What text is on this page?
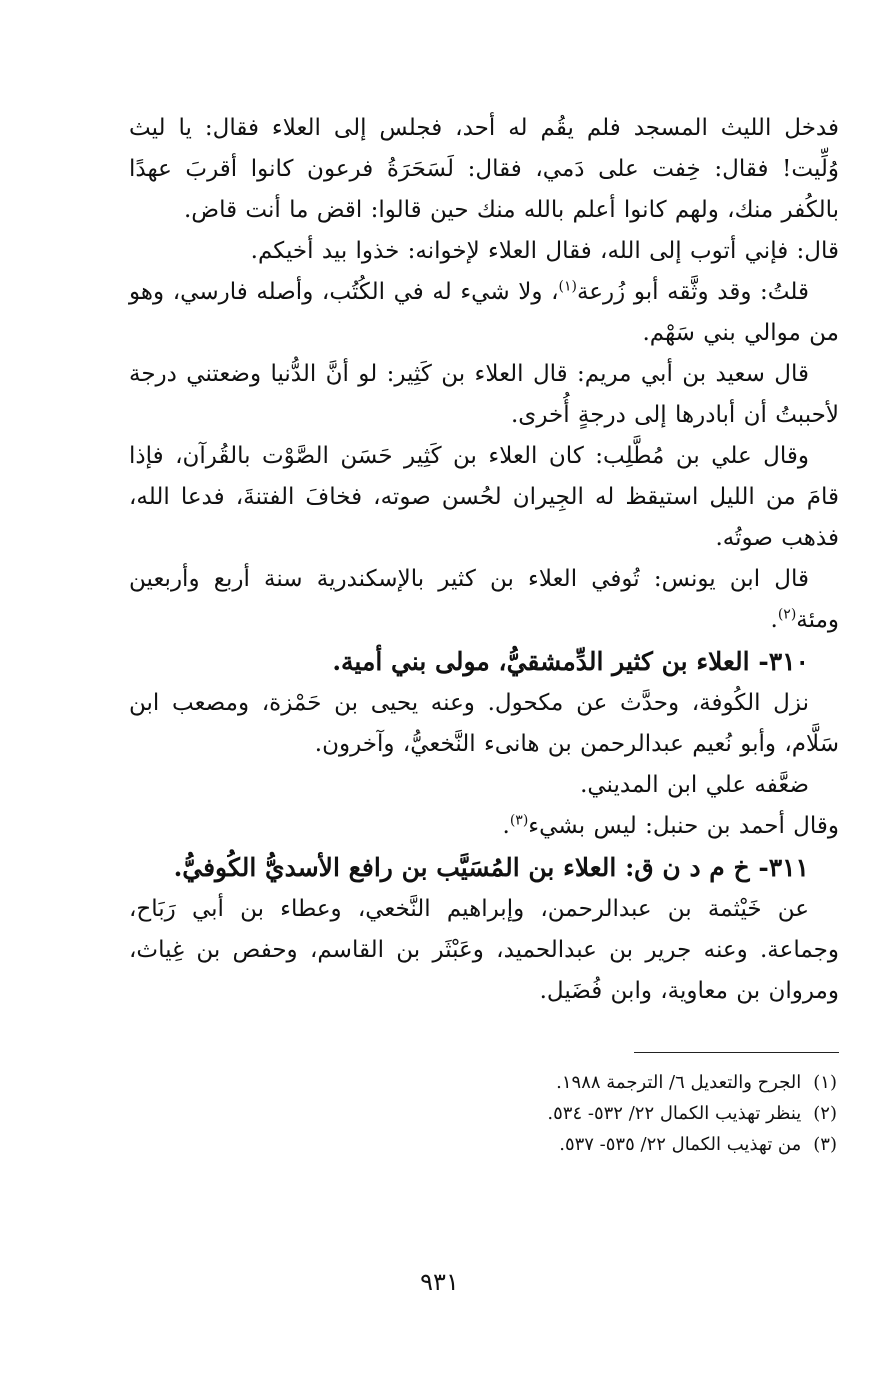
فدخل الليث المسجد فلم يقُم له أحد، فجلس إلى العلاء فقال: يا ليث وُلِّيت! فقال: خِفت على دَمي، فقال: لَسَحَرَةُ فرعون كانوا أقربَ عهدًا بالكُفر منك، ولهم كانوا أعلم بالله منك حين قالوا: اقض ما أنت قاض.

قال: فإني أتوب إلى الله، فقال العلاء لإخوانه: خذوا بيد أخيكم.

قلتُ: وقد وثَّقه أبو زُرعة$^{(١)}$، ولا شيء له في الكُتُب، وأصله فارسي، وهو من موالي بني سَهْم.

قال سعيد بن أبي مريم: قال العلاء بن كَثِير: لو أنَّ الدُّنيا وضعتني درجة لأحببتُ أن أبادرها إلى درجةٍ أُخرى.

وقال علي بن مُطَّلِب: كان العلاء بن كَثِير حَسَن الصَّوْت بالقُرآن، فإذا قامَ من الليل استيقظ له الجِيران لحُسن صوته، فخافَ الفتنةَ، فدعا الله، فذهب صوتُه.

قال ابن يونس: تُوفي العلاء بن كثير بالإسكندرية سنة أربع وأربعين ومئة$^{(٢)}$.

٣١٠- العلاء بن كثير الدِّمشقيُّ، مولى بني أمية.

نزل الكُوفة، وحدَّث عن مكحول. وعنه يحيى بن حَمْزة، ومصعب ابن سَلَّام، وأبو نُعيم عبدالرحمن بن هانىء النَّخعيُّ، وآخرون.

ضعَّفه علي ابن المديني.

وقال أحمد بن حنبل: ليس بشيء$^{(٣)}$.

٣١١- خ م د ن ق: العلاء بن المُسَيَّب بن رافع الأسديُّ الكُوفيُّ.

عن خَيْثمة بن عبدالرحمن، وإبراهيم النَّخعي، وعطاء بن أبي رَبَاح، وجماعة. وعنه جرير بن عبدالحميد، وعَبْثَر بن القاسم، وحفص بن غِياث، ومروان بن معاوية، وابن فُضَيل.

(١)الجرح والتعديل ٦/ الترجمة ١٩٨٨.

(٢)ينظر تهذيب الكمال ٢٢/ ٥٣٢- ٥٣٤.

(٣)من تهذيب الكمال ٢٢/ ٥٣٥- ٥٣٧.

٩٣١
